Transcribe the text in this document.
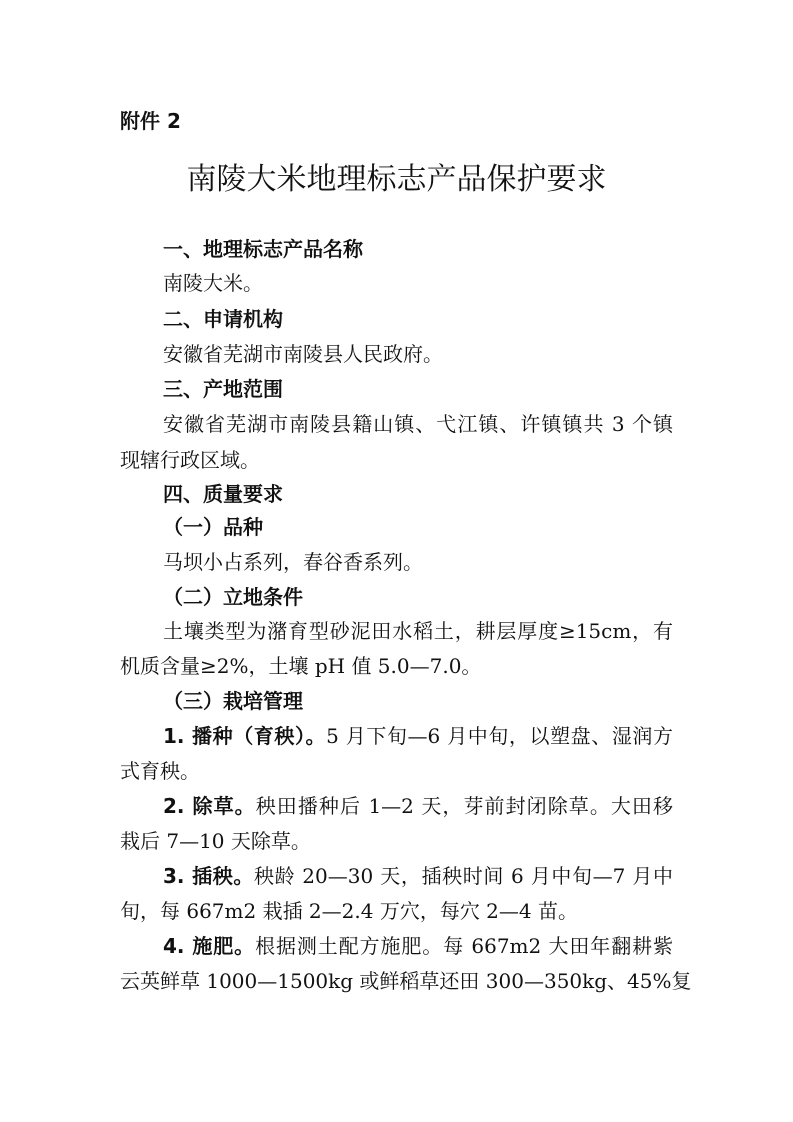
附件 2
南陵大米地理标志产品保护要求
一、地理标志产品名称
南陵大米。
二、申请机构
安徽省芜湖市南陵县人民政府。
三、产地范围
安徽省芜湖市南陵县籍山镇、弋江镇、许镇镇共 3 个镇
现辖行政区域。
四、质量要求
（一）品种
马坝小占系列，春谷香系列。
（二）立地条件
土壤类型为潴育型砂泥田水稻土，耕层厚度≥15cm，有
机质含量≥2%，土壤 pH 值 5.0—7.0。
（三）栽培管理
1. 播种（育秧）。5 月下旬—6 月中旬，以塑盘、湿润方
式育秧。
2. 除草。秧田播种后 1—2 天，芽前封闭除草。大田移
栽后 7—10 天除草。
3. 插秧。秧龄 20—30 天，插秧时间 6 月中旬—7 月中
旬，每 667m2 栽插 2—2.4 万穴，每穴 2—4 苗。
4. 施肥。根据测土配方施肥。每 667m2 大田年翻耕紫
云英鲜草 1000—1500kg 或鲜稻草还田 300—350kg、45%复
